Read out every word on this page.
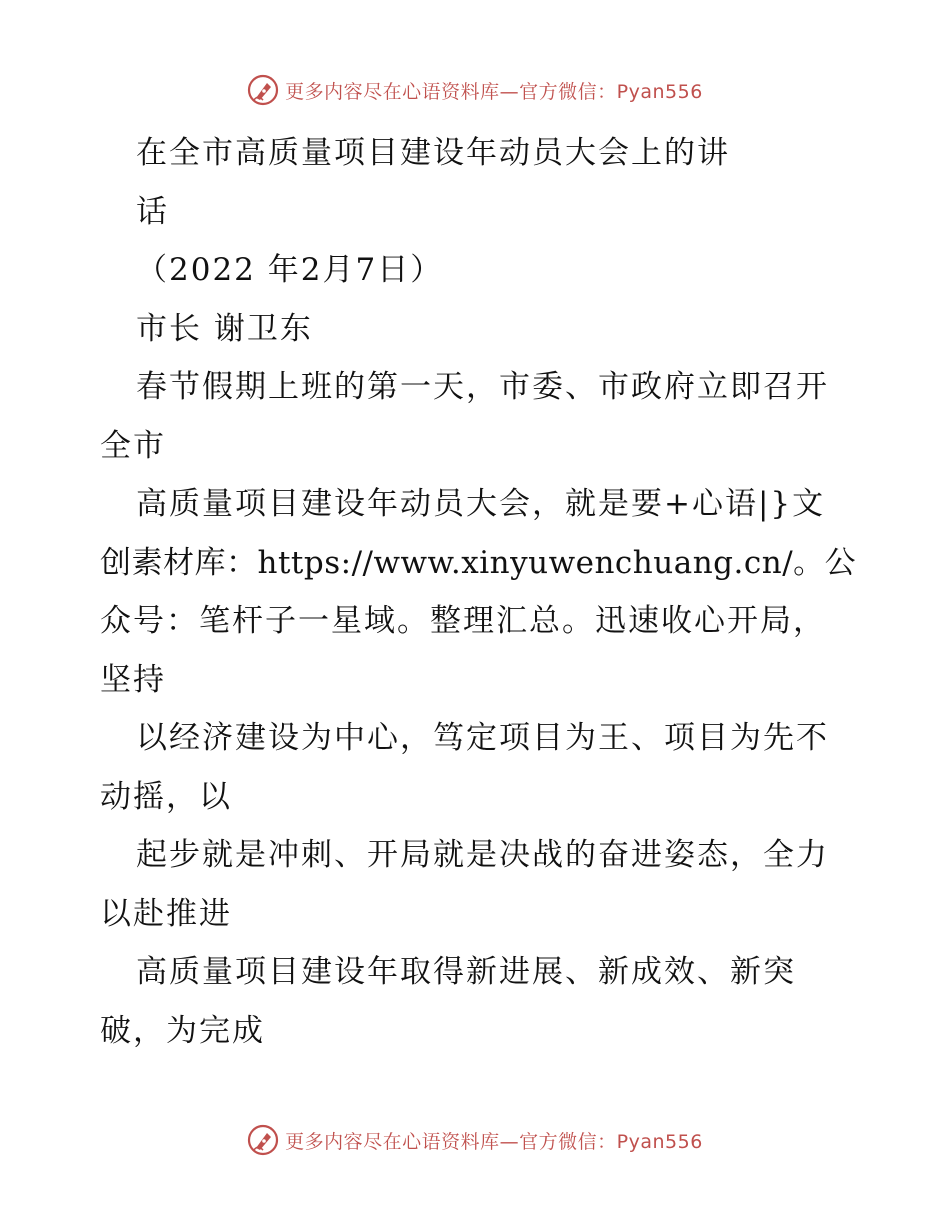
更多内容尽在心语资料库—官方微信：Pyan556
在全市高质量项目建设年动员大会上的讲
话
（2022 年2月7日）
市长 谢卫东
春节假期上班的第一天，市委、市政府立即召开
全市
高质量项目建设年动员大会，就是要+心语|}文
创素材库：https://www.xinyuwenchuang.cn/。公
众号：笔杆子一星域。整理汇总。迅速收心开局，
坚持
以经济建设为中心，笃定项目为王、项目为先不
动摇，以
起步就是冲刺、开局就是决战的奋进姿态，全力
以赴推进
高质量项目建设年取得新进展、新成效、新突
破，为完成
更多内容尽在心语资料库—官方微信：Pyan556
